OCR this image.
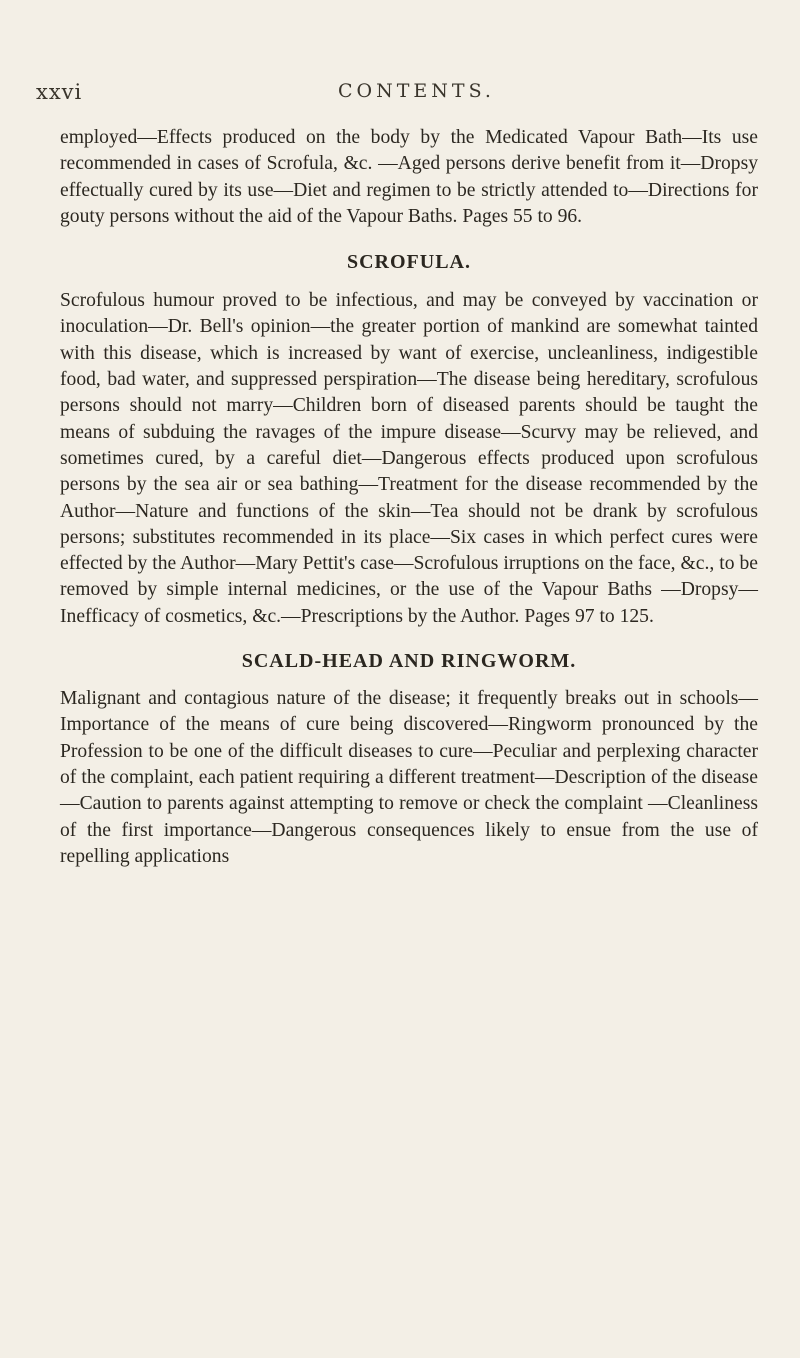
xxvi	CONTENTS.

employed—Effects produced on the body by the Medicated Vapour Bath—Its use recommended in cases of Scrofula, &c. —Aged persons derive benefit from it—Dropsy effectually cured by its use—Diet and regimen to be strictly attended to—Directions for gouty persons without the aid of the Vapour Baths. Pages 55 to 96.

SCROFULA.

Scrofulous humour proved to be infectious, and may be conveyed by vaccination or inoculation—Dr. Bell's opinion—the greater portion of mankind are somewhat tainted with this disease, which is increased by want of exercise, uncleanliness, indigestible food, bad water, and suppressed perspiration—The disease being hereditary, scrofulous persons should not marry—Children born of diseased parents should be taught the means of subduing the ravages of the impure disease—Scurvy may be relieved, and sometimes cured, by a careful diet—Dangerous effects produced upon scrofulous persons by the sea air or sea bathing—Treatment for the disease recommended by the Author—Nature and functions of the skin—Tea should not be drank by scrofulous persons; substitutes recommended in its place—Six cases in which perfect cures were effected by the Author—Mary Pettit's case—Scrofulous irruptions on the face, &c., to be removed by simple internal medicines, or the use of the Vapour Baths —Dropsy—Inefficacy of cosmetics, &c.—Prescriptions by the Author. Pages 97 to 125.

SCALD-HEAD AND RINGWORM.

Malignant and contagious nature of the disease; it frequently breaks out in schools—Importance of the means of cure being discovered—Ringworm pronounced by the Profession to be one of the difficult diseases to cure—Peculiar and perplexing character of the complaint, each patient requiring a different treatment—Description of the disease—Caution to parents against attempting to remove or check the complaint —Cleanliness of the first importance—Dangerous consequences likely to ensue from the use of repelling applications
